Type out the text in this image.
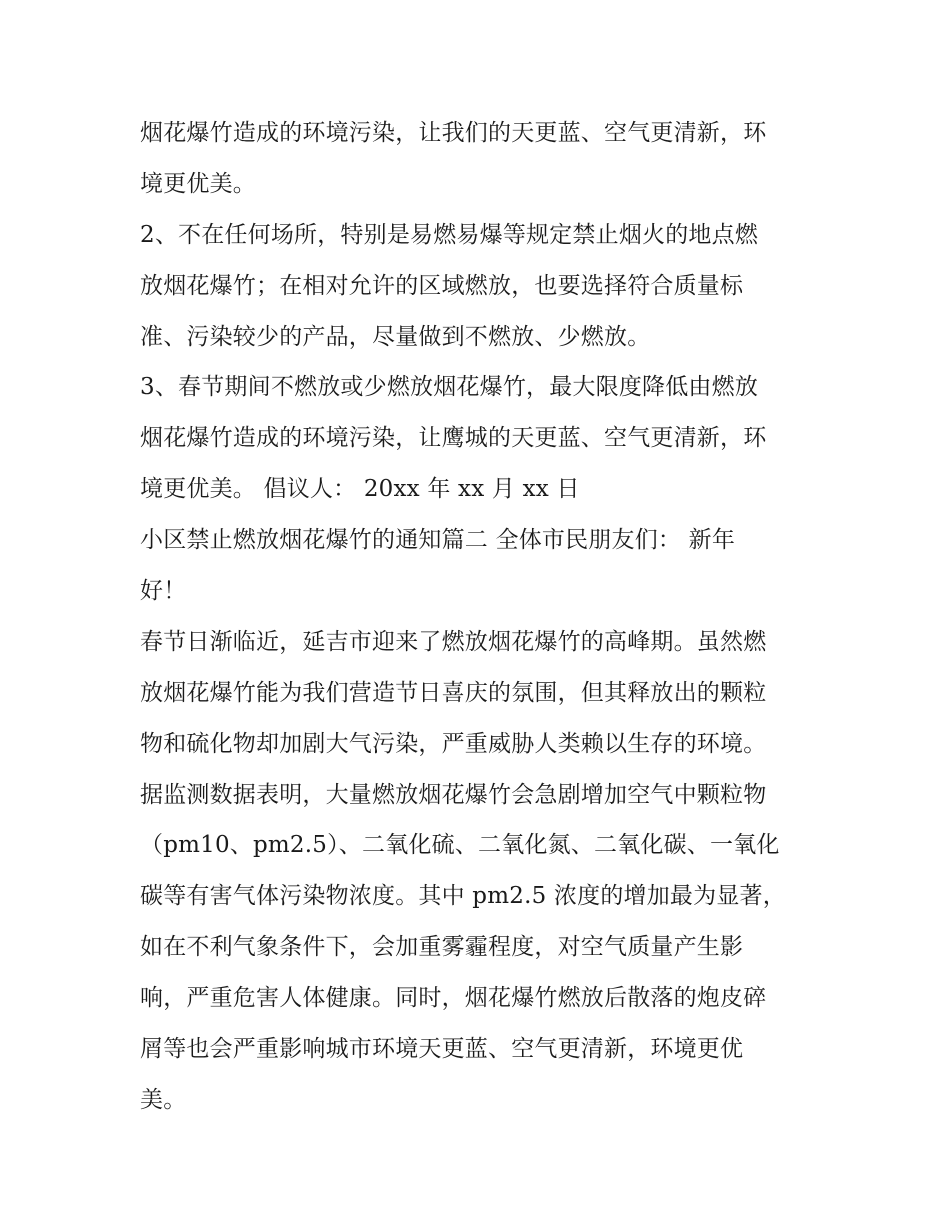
烟花爆竹造成的环境污染，让我们的天更蓝、空气更清新，环
境更优美。
2、不在任何场所，特别是易燃易爆等规定禁止烟火的地点燃
放烟花爆竹；在相对允许的区域燃放，也要选择符合质量标
准、污染较少的产品，尽量做到不燃放、少燃放。
3、春节期间不燃放或少燃放烟花爆竹，最大限度降低由燃放
烟花爆竹造成的环境污染，让鹰城的天更蓝、空气更清新，环
境更优美。 倡议人： 20xx 年 xx 月 xx 日
小区禁止燃放烟花爆竹的通知篇二 全体市民朋友们： 新年
好！
春节日渐临近，延吉市迎来了燃放烟花爆竹的高峰期。虽然燃
放烟花爆竹能为我们营造节日喜庆的氛围，但其释放出的颗粒
物和硫化物却加剧大气污染，严重威胁人类赖以生存的环境。
据监测数据表明，大量燃放烟花爆竹会急剧增加空气中颗粒物
（pm10、pm2.5）、二氧化硫、二氧化氮、二氧化碳、一氧化
碳等有害气体污染物浓度。其中 pm2.5 浓度的增加最为显著，
如在不利气象条件下，会加重雾霾程度，对空气质量产生影
响，严重危害人体健康。同时，烟花爆竹燃放后散落的炮皮碎
屑等也会严重影响城市环境天更蓝、空气更清新，环境更优
美。
